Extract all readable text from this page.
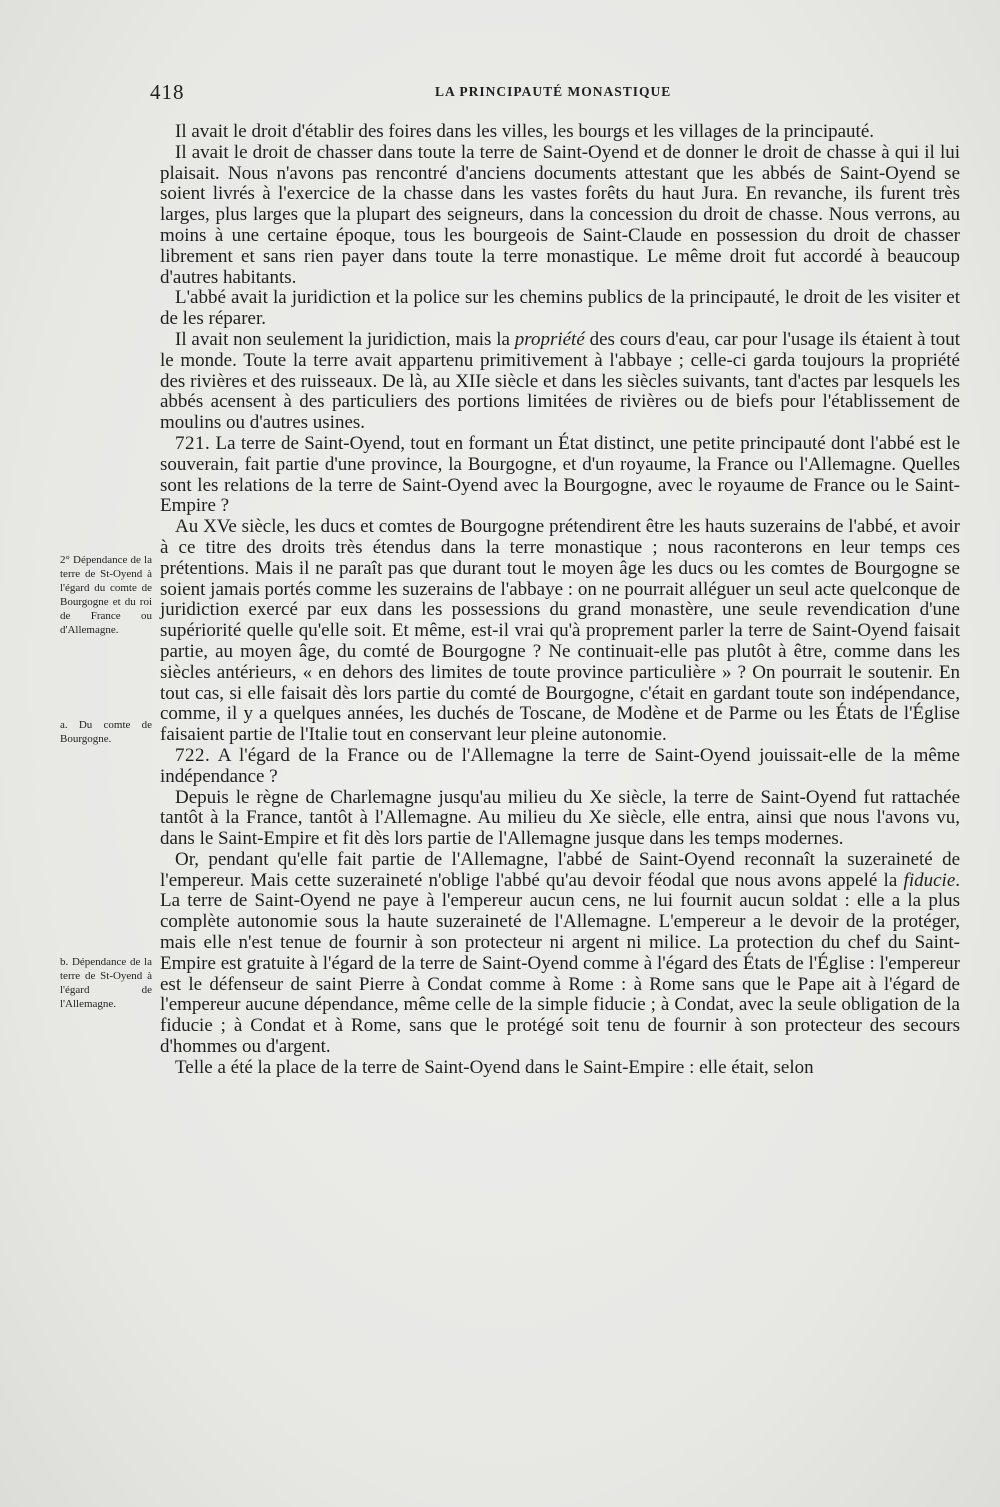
418	LA PRINCIPAUTÉ MONASTIQUE
2° Dépendance de la terre de St-Oyend à l'égard du comte de Bourgogne et du roi de France ou d'Allemagne.
a. Du comte de Bourgogne.
b. Dépendance de la terre de St-Oyend à l'égard de l'Allemagne.

Il avait le droit d'établir des foires dans les villes, les bourgs et les villages de la principauté.

Il avait le droit de chasser dans toute la terre de Saint-Oyend et de donner le droit de chasse à qui il lui plaisait. Nous n'avons pas rencontré d'anciens documents attestant que les abbés de Saint-Oyend se soient livrés à l'exercice de la chasse dans les vastes forêts du haut Jura. En revanche, ils furent très larges, plus larges que la plupart des seigneurs, dans la concession du droit de chasse. Nous verrons, au moins à une certaine époque, tous les bourgeois de Saint-Claude en possession du droit de chasser librement et sans rien payer dans toute la terre monastique. Le même droit fut accordé à beaucoup d'autres habitants.

L'abbé avait la juridiction et la police sur les chemins publics de la principauté, le droit de les visiter et de les réparer.

Il avait non seulement la juridiction, mais la propriété des cours d'eau, car pour l'usage ils étaient à tout le monde. Toute la terre avait appartenu primitivement à l'abbaye ; celle-ci garda toujours la propriété des rivières et des ruisseaux. De là, au XIIe siècle et dans les siècles suivants, tant d'actes par lesquels les abbés acensent à des particuliers des portions limitées de rivières ou de biefs pour l'établissement de moulins ou d'autres usines.

721. La terre de Saint-Oyend, tout en formant un État distinct, une petite principauté dont l'abbé est le souverain, fait partie d'une province, la Bourgogne, et d'un royaume, la France ou l'Allemagne. Quelles sont les relations de la terre de Saint-Oyend avec la Bourgogne, avec le royaume de France ou le Saint-Empire ?

Au XVe siècle, les ducs et comtes de Bourgogne prétendirent être les hauts suzerains de l'abbé, et avoir à ce titre des droits très étendus dans la terre monastique ; nous raconterons en leur temps ces prétentions. Mais il ne paraît pas que durant tout le moyen âge les ducs ou les comtes de Bourgogne se soient jamais portés comme les suzerains de l'abbaye : on ne pourrait alléguer un seul acte quelconque de juridiction exercé par eux dans les possessions du grand monastère, une seule revendication d'une supériorité quelle qu'elle soit. Et même, est-il vrai qu'à proprement parler la terre de Saint-Oyend faisait partie, au moyen âge, du comté de Bourgogne ? Ne continuait-elle pas plutôt à être, comme dans les siècles antérieurs, « en dehors des limites de toute province particulière » ? On pourrait le soutenir. En tout cas, si elle faisait dès lors partie du comté de Bourgogne, c'était en gardant toute son indépendance, comme, il y a quelques années, les duchés de Toscane, de Modène et de Parme ou les États de l'Église faisaient partie de l'Italie tout en conservant leur pleine autonomie.

722. A l'égard de la France ou de l'Allemagne la terre de Saint-Oyend jouissait-elle de la même indépendance ?

Depuis le règne de Charlemagne jusqu'au milieu du Xe siècle, la terre de Saint-Oyend fut rattachée tantôt à la France, tantôt à l'Allemagne. Au milieu du Xe siècle, elle entra, ainsi que nous l'avons vu, dans le Saint-Empire et fit dès lors partie de l'Allemagne jusque dans les temps modernes.

Or, pendant qu'elle fait partie de l'Allemagne, l'abbé de Saint-Oyend reconnaît la suzeraineté de l'empereur. Mais cette suzeraineté n'oblige l'abbé qu'au devoir féodal que nous avons appelé la fiducie. La terre de Saint-Oyend ne paye à l'empereur aucun cens, ne lui fournit aucun soldat : elle a la plus complète autonomie sous la haute suzeraineté de l'Allemagne. L'empereur a le devoir de la protéger, mais elle n'est tenue de fournir à son protecteur ni argent ni milice. La protection du chef du Saint-Empire est gratuite à l'égard de la terre de Saint-Oyend comme à l'égard des États de l'Église : l'empereur est le défenseur de saint Pierre à Condat comme à Rome : à Rome sans que le Pape ait à l'égard de l'empereur aucune dépendance, même celle de la simple fiducie ; à Condat, avec la seule obligation de la fiducie ; à Condat et à Rome, sans que le protégé soit tenu de fournir à son protecteur des secours d'hommes ou d'argent.

Telle a été la place de la terre de Saint-Oyend dans le Saint-Empire : elle était, selon
